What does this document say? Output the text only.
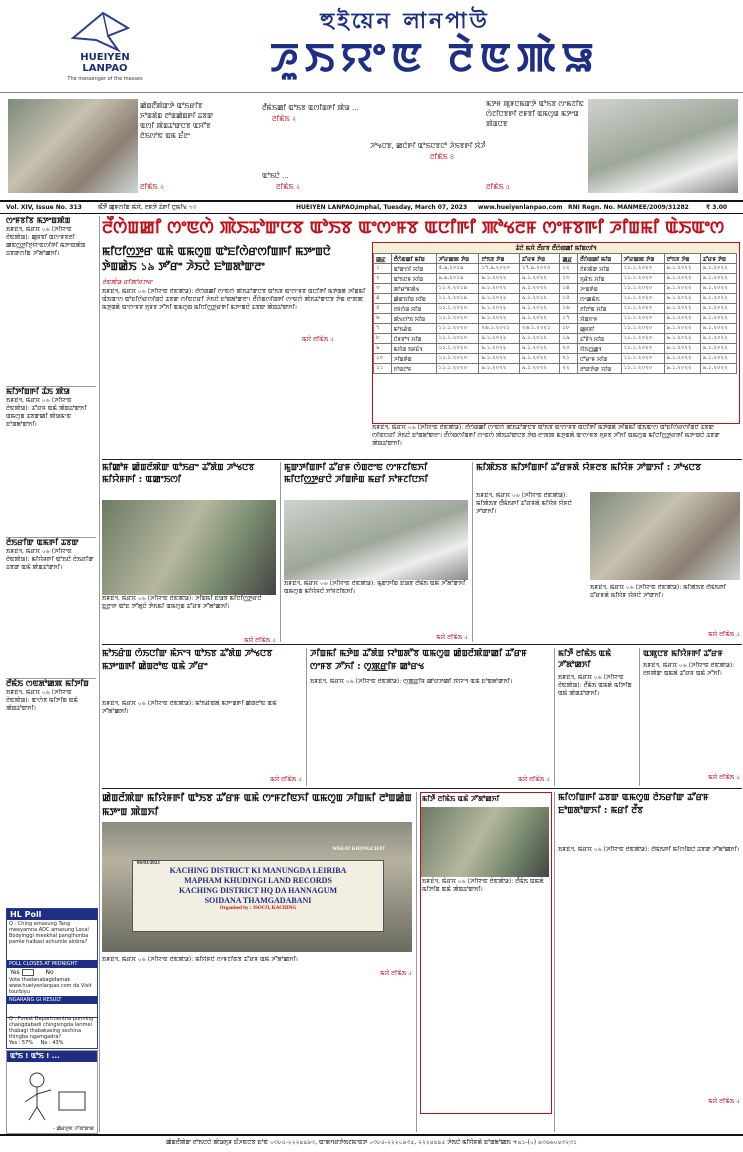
HUEIYEN
LANPAO
The messenger of the masses
হুইয়েন লানপাউ
ꯍꯨꯏꯌꯦꯟ ꯂꯥꯟꯄꯥꯎ
ꯀꯥꯡꯂꯩꯄꯥꯛꯇꯥ ꯑꯣꯏꯔꯤꯕ ꯈꯣꯡꯗꯥꯡ ꯂꯣꯡꯀꯥꯡꯒꯤ ꯊꯕꯛ ꯑꯁꯤ ꯄꯥꯡꯊꯣꯛꯅꯕ ꯑꯆꯧꯕ ꯂꯥꯏꯁꯣꯟ ꯑꯃ ꯐꯪꯂꯦ
ꯂꯤꯃꯥꯏ ২
ꯂꯩꯃꯥꯏꯀꯤ ꯑꯣꯏꯕ ꯑꯁꯤꯡꯒꯤ ꯄꯥꯎ ...
ꯂꯤꯃꯥꯏ ২
ꯍꯣꯠꯅꯕ, ꯀꯅꯥꯒꯤ ꯑꯣꯏꯅꯕꯅꯣ ꯍꯥꯏꯕꯒꯤ ꯋꯥꯍꯪ
ꯂꯤꯃꯥꯏ ৪
ꯑꯣꯏꯅꯥ ...
ꯂꯤꯃꯥꯏ ২
ꯃꯇꯝ ꯄꯨꯝꯅꯃꯛꯇꯥ ꯑꯣꯏꯕ ꯁꯦꯃꯖꯤꯟ ꯁꯥꯖꯤꯅꯕꯒꯤ ꯂꯝꯕꯤ ꯑꯃꯁꯨꯡ ꯃꯇꯦꯡ ꯄꯥꯡꯅꯕ
ꯂꯤꯃꯥꯏ ৫
Vol. XIV, Issue No. 313	ꯃꯩꯇꯩ ꯀꯨꯝꯁꯤꯡ ꯃꯥꯆꯥ, ꯂꯝꯇꯥ ꯊꯥꯒꯤ ꯅꯨꯃꯤꯠ ৭৩	HUEIYEN LANPAO,
Imphal, Tuesday, March 07, 2023 www.hueiyenlanpao.com RNI Regn. No. MANMEE/2009/31282	₹ 3.00
ꯁꯦꯝꯕꯤꯕ ꯃꯇꯦꯡꯄꯥꯡ
ꯏꯝꯐꯥꯜ, ꯃꯥꯔꯆ ০৬ (ꯍꯤꯌꯦꯟ ꯂꯥꯟꯄꯥꯎ): ꯀꯨꯝꯕꯤ ꯑꯁꯦꯝꯕꯂꯤ ꯀꯟꯁ꯭ꯇꯤꯇꯨꯌꯦꯟꯁꯤꯒꯤ ꯃꯇꯦꯡꯄꯥꯡ ꯊꯕꯛꯁꯤꯡ ꯍꯧꯗꯣꯀꯈꯤ।
ꯃꯤꯇꯤꯡꯒꯤ ꯊꯥꯏ ꯄꯥꯎ
ꯏꯝꯐꯥꯜ, ꯃꯥꯔꯆ ০৬ (ꯍꯤꯌꯦꯟ ꯂꯥꯟꯄꯥꯎ): ꯊꯧꯔꯝ ꯑꯃꯥ ꯄꯥꯡꯊꯣꯛꯈꯤ ꯑꯃꯁꯨꯡ ꯊꯕꯛꯀꯤ ꯄꯥꯎꯃꯦꯟ ꯐꯣꯡꯗꯣꯛꯈꯤ।
ꯂꯥꯏꯔꯤꯛ ꯑꯃꯒꯤ ꯊꯕꯛ
ꯏꯝꯐꯥꯜ, ꯃꯥꯔꯆ ০৬ (ꯍꯤꯌꯦꯟ ꯂꯥꯟꯄꯥꯎ): ꯃꯤꯌꯥꯝꯒꯤ ꯑꯣꯏꯅꯥ ꯂꯥꯏꯔꯤꯛ ꯊꯕꯛ ꯑꯃꯥ ꯄꯥꯡꯊꯣꯛꯈꯤ।
ꯂꯩꯃꯥꯏ ꯁꯟꯗꯣꯀꯄ ꯃꯤꯇꯤꯡ
ꯏꯝꯐꯥꯜ, ꯃꯥꯔꯆ ০৬ (ꯍꯤꯌꯦꯟ ꯂꯥꯟꯄꯥꯎ): ꯑꯦꯁꯥꯕ ꯃꯤꯇꯤꯡ ꯑꯃꯥ ꯄꯥꯡꯊꯣꯛꯈꯤ।
HL Poll
Q : Ching amasung Tang meeyamna ADC amasung Local Bodyinggi meekhal panglhonba pamle haibasi achumle ainbra?
POLL CLOSES AT MIDNIGHT
Yes	No
Vote thadanabagidamak www.hueiyenlanpao.com da Visit tourbiyu
NGARANG GI RESULT
Q : Forest Departmentna punning changdabadi chingsingda larimei thabagi thabakasing sochina thingba ngamgadra?
Yes : 57% No : 43%
ꯑꯣꯏ ! ꯑꯣꯏ ! ...
- ꯀꯥꯔꯇꯨꯟ ꯍꯧꯗꯣꯛꯄ
ꯂꯩꯁꯥꯡꯀꯤ ꯁꯦꯟꯁꯥ ꯄꯥꯏꯊꯣꯛꯅꯕ ꯑꯣꯏꯕ ꯑꯦꯁꯦꯝꯕ ꯑꯅꯤꯒꯤ ꯄꯣꯠꯂꯝ ꯁꯦꯝꯕꯒꯤ ꯍꯤꯡꯃꯤ ꯑꯥꯏꯑꯦꯁ
ꯃꯤꯅꯤꯁ꯭ꯇꯔ ꯑꯃꯥ ꯑꯃꯁꯨꯡ ꯑꯣꯐꯤꯁꯥꯔꯁꯤꯡꯒꯤ ꯃꯇꯦꯡꯅꯥ ꯇꯥꯡꯀꯥꯏ ১৯ ꯇꯧꯔꯦ ꯍꯥꯏꯅꯥ ꯐꯣꯡꯗꯣꯛꯂꯦ
ꯂꯥꯟꯄꯥꯎ ꯔꯤꯄꯣꯔꯇꯔ
ꯏꯝꯐꯥꯜ, ꯃꯥꯔꯆ ০৬ (ꯍꯤꯌꯦꯟ ꯂꯥꯟꯄꯥꯎ): ꯂꯩꯁꯥꯡꯀꯤ ꯁꯦꯟꯁꯥ ꯄꯥꯏꯊꯣꯛꯅꯕ ꯑꯣꯏꯕ ꯑꯦꯁꯦꯝꯕ ꯑꯅꯤꯒꯤ ꯃꯇꯥꯡꯗꯥ ꯍꯤꯡꯃꯤ ꯑꯥꯏꯑꯦꯁ ꯑꯣꯐꯤꯁꯥꯔꯁꯤꯡꯅꯥ ꯊꯕꯛ ꯁꯤꯟꯅꯔꯤ ꯍꯥꯏꯅꯥ ꯐꯣꯡꯗꯣꯛꯂꯦ। ꯂꯩꯁꯥꯡꯁꯤꯡꯒꯤ ꯁꯦꯟꯁꯥ ꯄꯥꯏꯊꯣꯛꯅꯕ ꯇꯥꯡ ꯂꯦꯞꯄ ꯃꯇꯨꯡꯗꯥ ꯑꯦꯁꯦꯝꯕ ꯈꯨꯝꯕ ꯍꯧꯈꯤ ꯑꯃꯁꯨꯡ ꯃꯤꯅꯤꯁ꯭ꯇꯔꯒꯤ ꯃꯇꯦꯡꯅꯥ ꯊꯕꯛ ꯄꯥꯡꯊꯣꯛꯈꯤ।
ꯃꯆꯥ ꯂꯤꯃꯥꯏ ৫
ꯊꯥꯅꯥ ꯃꯆꯥ ꯂꯩꯔꯕ ꯂꯩꯁꯥꯡꯀꯤ ꯃꯤꯡꯁꯤꯜ
ꯀ꯭ꯔ	ꯂꯩꯁꯥꯡꯀꯤ ꯃꯤꯡ	ꯍꯧꯔꯀꯄ ꯇꯥꯡ	ꯂꯣꯏꯕ ꯇꯥꯡ	ꯊꯧꯔꯝ ꯇꯥꯡ	ꯀ꯭ꯔ	ꯂꯩꯁꯥꯡꯀꯤ ꯃꯤꯡ	ꯍꯧꯔꯀꯄ ꯇꯥꯡ	ꯂꯣꯏꯕ ꯇꯥꯡ	ꯊꯧꯔꯝ ꯇꯥꯡ
১	ꯑꯣꯛꯁꯤ ꯆꯤꯡ	৫.৯.২০১৯	১৭.৯.২০২০	১৭.৯.২০২০	১২	ꯂꯥꯝꯄꯥꯛ ꯆꯤꯡ	১১.১.২০২০	৯.১.২০২২	৯.১.২০২২
২	ꯑꯣꯏꯅꯝ ꯆꯤꯡ	৯.৯.২০১৯	৯.১.২০২২	৯.১.২০২২	১৩	ꯈꯨꯔꯥꯏ ꯆꯤꯡ	১১.১.২০২০	৯.১.২০২২	৯.১.২০২২
৩	ꯄꯣꯔꯣꯝꯄꯥꯠ	১১.২.২০১৯	৯.১.২০২২	৯.১.২০২২	১৪	ꯍꯦꯡꯒꯥꯡ	১১.১.২০২০	৯.১.২০২২	৯.১.২০২২
৪	ꯀꯥꯛꯆꯤꯡ ꯆꯤꯡ	১১.২.২০১৯	৯.১.২০২২	৯.১.২০২২	১৫	ꯁꯦꯀꯃꯥꯏ	১১.১.২০২০	৯.১.২০২২	৯.১.২০২২
৫	ꯂꯝꯁꯥꯡ ꯆꯤꯡ	১১.১.২০২০	৯.১.২০২২	৯.১.২০২২	১৬	ꯂꯤꯂꯣꯡ ꯆꯤꯡ	১১.১.২০২০	৯.১.২০২২	৯.১.২০২২
৬	ꯄꯥꯠꯁꯣꯏ ꯆꯤꯡ	১১.১.২০২০	৯.১.২০২২	৯.১.২০২২	১৭	ꯋꯥꯡꯈꯦꯝ	১১.১.২০২০	৯.১.২০২২	৯.১.২০২২
৭	ꯃꯣꯏꯔꯥꯡ	১১.১.২০২০	২৬.১.২০২১	২৬.১.২০২১	১৮	ꯀꯨꯝꯕꯤ	১১.১.২০২০	৯.১.২০২২	৯.১.২০২২
৮	ꯅꯥꯝꯕꯣꯜ ꯆꯤꯡ	১১.১.২০২০	৯.১.২০২২	৯.১.২০২২	১৯	ꯊꯧꯕꯥꯜ ꯆꯤꯡ	১১.১.২০২০	৯.১.২০২২	৯.১.২০২২
৯	ꯃꯌꯥꯡ ꯏꯝꯐꯥꯜ	১১.১.২০২০	৯.১.২০২২	৯.১.২০২২	২০	ꯌꯥꯏꯁ꯭ꯀꯨꯜ	১১.১.২০২০	৯.১.২০২২	৯.১.২০২২
১০	ꯍꯤꯡꯒꯥꯡ	১১.১.২০২০	৯.১.২০২২	৯.১.২০২২	২১	ꯅꯧꯔꯦꯝ ꯆꯤꯡ	১১.১.২০২০	৯.১.২০২২	৯.১.২০২২
১১	ꯈꯣꯡꯖꯣꯝ	১১.১.২০২০	৯.১.২০২২	৯.১.২০২২	২২	ꯂꯣꯛꯇꯥꯛ ꯆꯤꯡ	১১.১.২০২০	৯.১.২০২২	৯.১.২০২২
ꯏꯝꯐꯥꯜ, ꯃꯥꯔꯆ ০৬ (ꯍꯤꯌꯦꯟ ꯂꯥꯟꯄꯥꯎ): ꯂꯩꯁꯥꯡꯀꯤ ꯁꯦꯟꯁꯥ ꯄꯥꯏꯊꯣꯛꯅꯕ ꯑꯣꯏꯕ ꯑꯦꯁꯦꯝꯕ ꯑꯅꯤꯒꯤ ꯃꯇꯥꯡꯗꯥ ꯍꯤꯡꯃꯤ ꯑꯥꯏꯑꯦꯁ ꯑꯣꯐꯤꯁꯥꯔꯁꯤꯡꯅꯥ ꯊꯕꯛ ꯁꯤꯟꯅꯔꯤ ꯍꯥꯏꯅꯥ ꯐꯣꯡꯗꯣꯛꯂꯦ। ꯂꯩꯁꯥꯡꯁꯤꯡꯒꯤ ꯁꯦꯟꯁꯥ ꯄꯥꯏꯊꯣꯛꯅꯕ ꯇꯥꯡ ꯂꯦꯞꯄ ꯃꯇꯨꯡꯗꯥ ꯑꯦꯁꯦꯝꯕ ꯈꯨꯝꯕ ꯍꯧꯈꯤ ꯑꯃꯁꯨꯡ ꯃꯤꯅꯤꯁ꯭ꯇꯔꯒꯤ ꯃꯇꯦꯡꯅꯥ ꯊꯕꯛ ꯄꯥꯡꯊꯣꯛꯈꯤ।
ꯃꯤꯀꯣꯝ ꯀꯥꯡꯂꯩꯄꯥꯛ ꯑꯣꯏꯔꯦ ꯊꯧꯗꯥꯡ ꯍꯣꯠꯅꯕ ꯃꯤꯌꯥꯝꯒꯤ : ꯑꯀꯦꯏꯁꯤ
ꯏꯝꯐꯥꯜ, ꯃꯥꯔꯆ ০৬ (ꯍꯤꯌꯦꯟ ꯂꯥꯟꯄꯥꯎ): ꯍꯤꯡꯃꯤ ꯐꯥꯎꯕ ꯃꯤꯅꯤꯁ꯭ꯇꯔꯅꯥ ꯐ꯭ꯂꯦꯒ ꯑꯣꯐ ꯇꯧꯗꯨꯅꯥ ꯇꯥꯏꯃꯤ ꯑꯃꯁꯨꯡ ꯊꯧꯔꯝ ꯍꯧꯗꯣꯀꯈꯤ।
ꯃꯆꯥ ꯂꯤꯃꯥꯏ ৫
ꯃꯨꯛꯇꯤꯡꯒꯤ ꯊꯧꯔꯝ ꯁꯥꯡꯂꯦꯟ ꯁꯦꯝꯖꯤꯟꯈꯤ ꯃꯤꯅꯤꯁ꯭ꯇꯔꯅꯥ ꯍꯤꯡꯒꯥꯡ ꯃꯔꯤ ꯈꯣꯝꯖꯤꯅꯈꯤ
ꯏꯝꯐꯥꯜ, ꯃꯥꯔꯆ ০৬ (ꯍꯤꯌꯦꯟ ꯂꯥꯟꯄꯥꯎ): ꯃꯨꯛꯇꯤꯡ ꯐꯥꯎꯕ ꯂꯩꯃꯥꯏ ꯑꯃꯥ ꯍꯧꯗꯣꯛꯈꯤ ꯑꯃꯁꯨꯡ ꯃꯤꯌꯥꯝꯅꯥ ꯈꯣꯝꯖꯤꯟꯈꯤ।
ꯃꯆꯥ ꯂꯤꯃꯥꯏ ৫
ꯃꯤꯄꯥꯏꯕ ꯃꯤꯇꯤꯡꯒꯤ ꯊꯧꯔꯝꯗꯥ ꯌꯥꯝꯂꯕ ꯃꯤꯌꯥꯝ ꯍꯣꯛꯈꯤ : ꯍꯣꯠꯅꯕ
ꯏꯝꯐꯥꯜ, ꯃꯥꯔꯆ ০৬ (ꯍꯤꯌꯦꯟ ꯂꯥꯟꯄꯥꯎ): ꯃꯤꯄꯥꯏꯕ ꯂꯩꯃꯥꯏꯒꯤ ꯊꯧꯔꯝꯗꯥ ꯃꯤꯌꯥꯝ ꯌꯥꯝꯅꯥ ꯍꯣꯛꯈꯤ।
ꯏꯝꯐꯥꯜ, ꯃꯥꯔꯆ ০৬ (ꯍꯤꯌꯦꯟ ꯂꯥꯟꯄꯥꯎ): ꯃꯤꯄꯥꯏꯕ ꯂꯩꯃꯥꯏꯒꯤ ꯊꯧꯔꯝꯗꯥ ꯃꯤꯌꯥꯝ ꯌꯥꯝꯅꯥ ꯍꯣꯛꯈꯤ।
ꯃꯆꯥ ꯂꯤꯃꯥꯏ ৫
ꯃꯣꯏꯔꯥꯡ ꯁꯥꯏꯅꯤꯛ ꯃꯥꯈꯦꯜ ꯑꯣꯏꯕ ꯊꯧꯗꯥꯡ ꯍꯣꯠꯅꯕ ꯃꯇꯦꯡꯒꯤ ꯀꯥꯡꯂꯣꯟ ꯑꯃꯥ ꯍꯧꯔꯦ
ꯏꯝꯐꯥꯜ, ꯃꯥꯔꯆ ০৬ (ꯍꯤꯌꯦꯟ ꯂꯥꯟꯄꯥꯎ): ꯃꯣꯏꯔꯥꯡꯗꯥ ꯃꯇꯦꯡꯒꯤ ꯀꯥꯡꯂꯣꯟ ꯑꯃꯥ ꯍꯧꯗꯣꯀꯈꯤ।
ꯃꯆꯥ ꯂꯤꯃꯥꯏ ৫
ꯍꯤꯡꯃꯤ ꯃꯇꯥꯡ ꯊꯧꯗꯥꯡ ꯌꯣꯡꯗꯧꯕ ꯑꯃꯁꯨꯡ ꯀꯥꯡꯂꯩꯄꯥꯛꯀꯤ ꯊꯧꯔꯝ ꯁꯦꯝꯕ ꯍꯧꯈꯤ : ꯁꯨꯄ꯭ꯔꯤꯝ ꯀꯣꯔꯠ
ꯏꯝꯐꯥꯜ, ꯃꯥꯔꯆ ০৬ (ꯍꯤꯌꯦꯟ ꯂꯥꯟꯄꯥꯎ): ꯁꯨꯄ꯭ꯔꯤꯝ ꯀꯣꯔꯇꯀꯤ ꯋꯥꯌꯦꯜ ꯑꯃꯥ ꯐꯣꯡꯗꯣꯛꯈꯤ।
ꯃꯆꯥ ꯂꯤꯃꯥꯏ ৫
ꯃꯤꯇꯩ ꯂꯤꯃꯥꯏ ꯑꯃꯥ ꯍꯧꯗꯣꯀꯈꯤ
ꯏꯝꯐꯥꯜ, ꯃꯥꯔꯆ ০৬ (ꯍꯤꯌꯦꯟ ꯂꯥꯟꯄꯥꯎ): ꯂꯩꯃꯥꯏ ꯑꯃꯗꯥ ꯃꯤꯇꯤꯡ ꯑꯃꯥ ꯄꯥꯡꯊꯣꯛꯈꯤ।
ꯑꯄꯨꯅꯕ ꯃꯤꯌꯥꯝꯒꯤ ꯊꯧꯔꯝ
ꯏꯝꯐꯥꯜ, ꯃꯥꯔꯆ ০৬ (ꯍꯤꯌꯦꯟ ꯂꯥꯟꯄꯥꯎ): ꯂꯝꯄꯥꯛ ꯑꯃꯗꯥ ꯊꯧꯔꯝ ꯑꯃꯥ ꯍꯧꯈꯤ।
ꯃꯆꯥ ꯂꯤꯃꯥꯏ ৫
ꯀꯥꯡꯂꯩꯄꯥꯛ ꯃꯤꯌꯥꯝꯒꯤ ꯑꯣꯏꯕ ꯊꯧꯔꯝ ꯑꯃꯥ ꯁꯦꯝꯖꯤꯟꯈꯤ ꯑꯃꯁꯨꯡ ꯍꯤꯡꯃꯤ ꯂꯣꯡꯀꯥꯡ ꯃꯇꯦꯡ ꯄꯥꯡꯈꯤ
WAKAT KHONGCHAT
06/03/2023
KACHING DISTRICT KI MANUNGDA LEIRIBA
MAPHAM KHUDINGI LAND RECORDS
KACHING DISTRICT HQ DA HANNAGUM
SOIDANA THAMGADABANI
Organised by : JSOCO, KACHING
ꯏꯝꯐꯥꯜ, ꯃꯥꯔꯆ ০৬ (ꯍꯤꯌꯦꯟ ꯂꯥꯟꯄꯥꯎ): ꯃꯤꯌꯥꯝꯅꯥ ꯁꯦꯝꯖꯤꯟꯕ ꯊꯧꯔꯝ ꯑꯃꯥ ꯍꯧꯗꯣꯀꯈꯤ।
ꯃꯆꯥ ꯂꯤꯃꯥꯏ ৫
ꯃꯤꯇꯩ ꯂꯤꯃꯥꯏ ꯑꯃꯥ ꯍꯧꯗꯣꯀꯈꯤ
ꯏꯝꯐꯥꯜ, ꯃꯥꯔꯆ ০৬ (ꯍꯤꯌꯦꯟ ꯂꯥꯟꯄꯥꯎ): ꯂꯩꯃꯥꯏ ꯑꯃꯗꯥ ꯃꯤꯇꯤꯡ ꯑꯃꯥ ꯄꯥꯡꯊꯣꯛꯈꯤ।
ꯃꯤꯁꯤꯡꯒꯤ ꯊꯕꯛ ꯑꯃꯁꯨꯡ ꯂꯥꯏꯔꯤꯛ ꯊꯧꯔꯝ ꯐꯣꯡꯗꯣꯛꯈꯤ : ꯃꯔꯤ ꯂꯩꯕ
ꯏꯝꯐꯥꯜ, ꯃꯥꯔꯆ ০৬ (ꯍꯤꯌꯦꯟ ꯂꯥꯟꯄꯥꯎ): ꯂꯩꯃꯥꯏꯒꯤ ꯃꯤꯁꯤꯡꯅꯥ ꯊꯕꯛ ꯍꯧꯗꯣꯀꯈꯤ।
ꯃꯆꯥ ꯂꯤꯃꯥꯏ ৫
ꯀꯥꯡꯂꯩꯄꯥꯛ ꯂꯣꯏꯅꯅꯥ ꯄꯥꯎꯈꯨꯝ ꯐꯪꯍꯟꯅꯕ ꯐꯣꯟ ০৩৮৫-২২২৪৪৯৩, ꯑꯦꯗꯚꯔꯇꯥꯏꯖꯃꯦꯟꯇ ০৩৮৫-২২২০৯৩৫, ২২২৪৪৯৫ ꯍꯥꯏꯅꯥ ꯃꯤꯌꯥꯝꯗꯥ ꯐꯣꯡꯗꯣꯀꯏ +৯১-(০) ৯৩৬৬০৪৩২৩১
